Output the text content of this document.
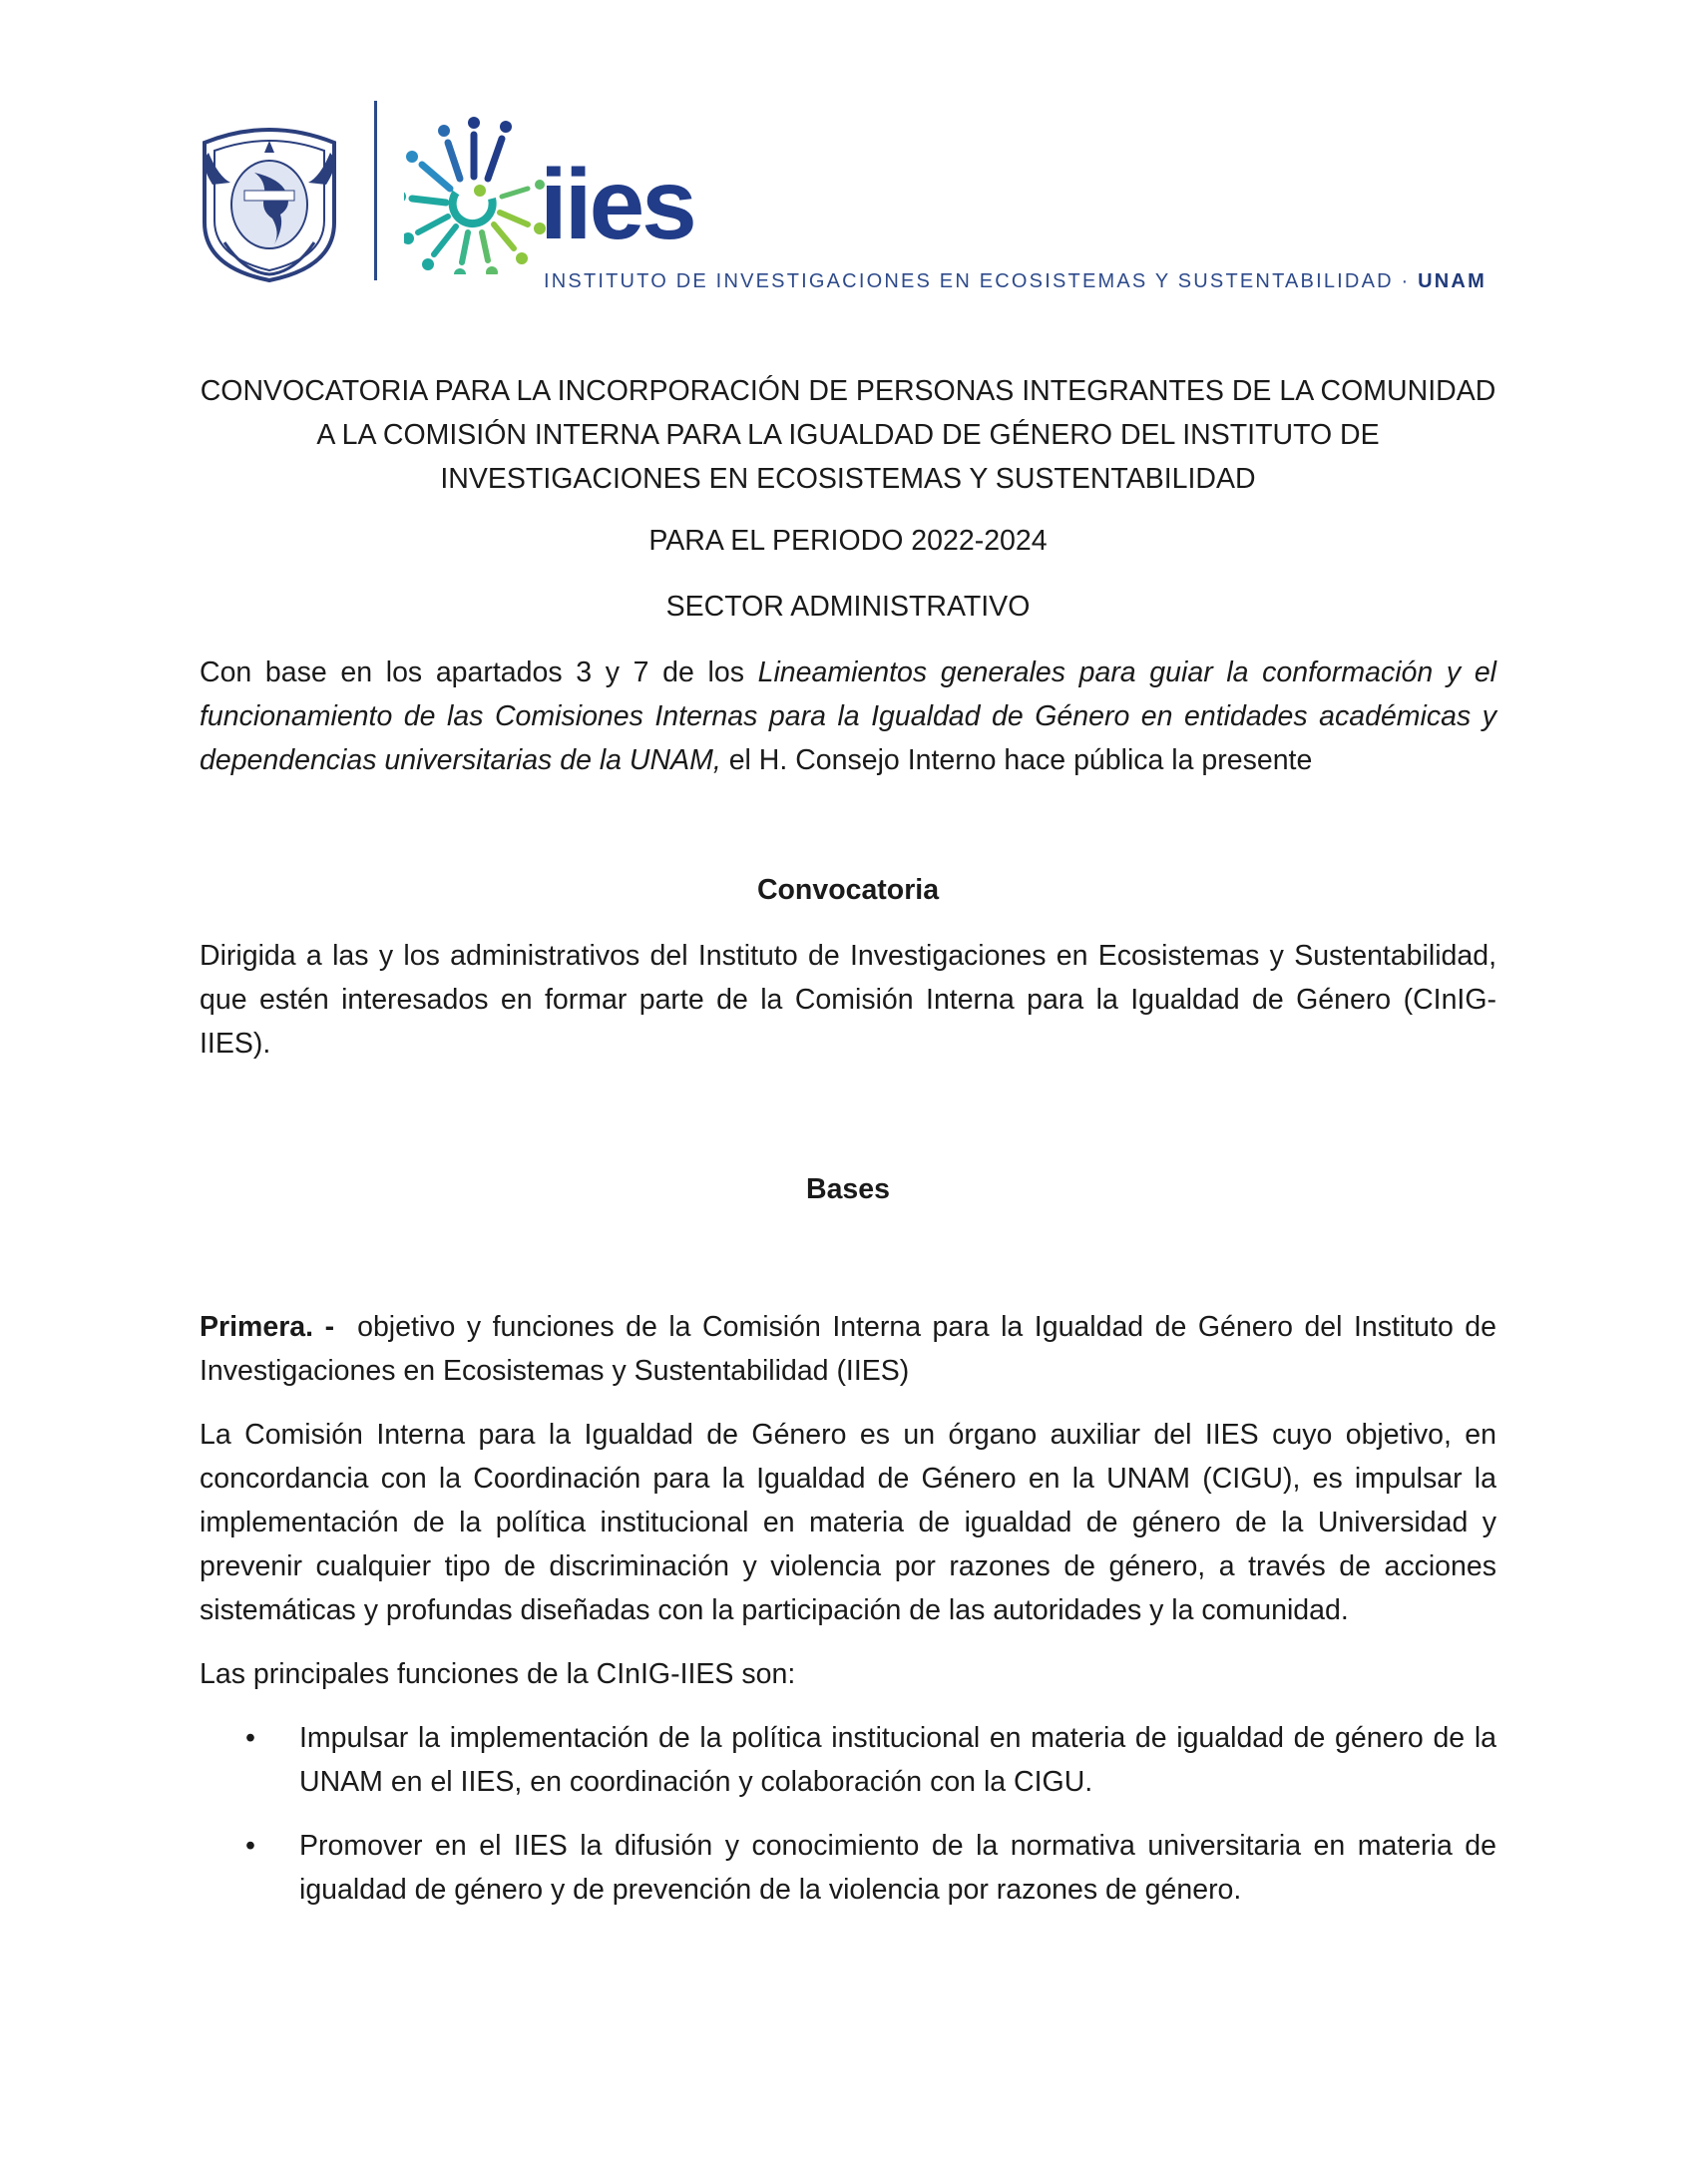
iies
INSTITUTO DE INVESTIGACIONES EN ECOSISTEMAS Y SUSTENTABILIDAD · UNAM

CONVOCATORIA PARA LA INCORPORACIÓN DE PERSONAS INTEGRANTES DE LA COMUNIDAD A LA COMISIÓN INTERNA PARA LA IGUALDAD DE GÉNERO DEL INSTITUTO DE INVESTIGACIONES EN ECOSISTEMAS Y SUSTENTABILIDAD

PARA EL PERIODO 2022-2024

SECTOR ADMINISTRATIVO

Con base en los apartados 3 y 7 de los Lineamientos generales para guiar la conformación y el funcionamiento de las Comisiones Internas para la Igualdad de Género en entidades académicas y dependencias universitarias de la UNAM, el H. Consejo Interno hace pública la presente

Convocatoria

Dirigida a las y los administrativos del Instituto de Investigaciones en Ecosistemas y Sustentabilidad, que estén interesados en formar parte de la Comisión Interna para la Igualdad de Género (CInIG-IIES).

Bases

Primera. -  objetivo y funciones de la Comisión Interna para la Igualdad de Género del Instituto de Investigaciones en Ecosistemas y Sustentabilidad (IIES)

La Comisión Interna para la Igualdad de Género es un órgano auxiliar del IIES cuyo objetivo, en concordancia con la Coordinación para la Igualdad de Género en la UNAM (CIGU), es impulsar la implementación de la política institucional en materia de igualdad de género de la Universidad y prevenir cualquier tipo de discriminación y violencia por razones de género, a través de acciones sistemáticas y profundas diseñadas con la participación de las autoridades y la comunidad.

Las principales funciones de la CInIG-IIES son:

• Impulsar la implementación de la política institucional en materia de igualdad de género de la UNAM en el IIES, en coordinación y colaboración con la CIGU.
• Promover en el IIES la difusión y conocimiento de la normativa universitaria en materia de igualdad de género y de prevención de la violencia por razones de género.
